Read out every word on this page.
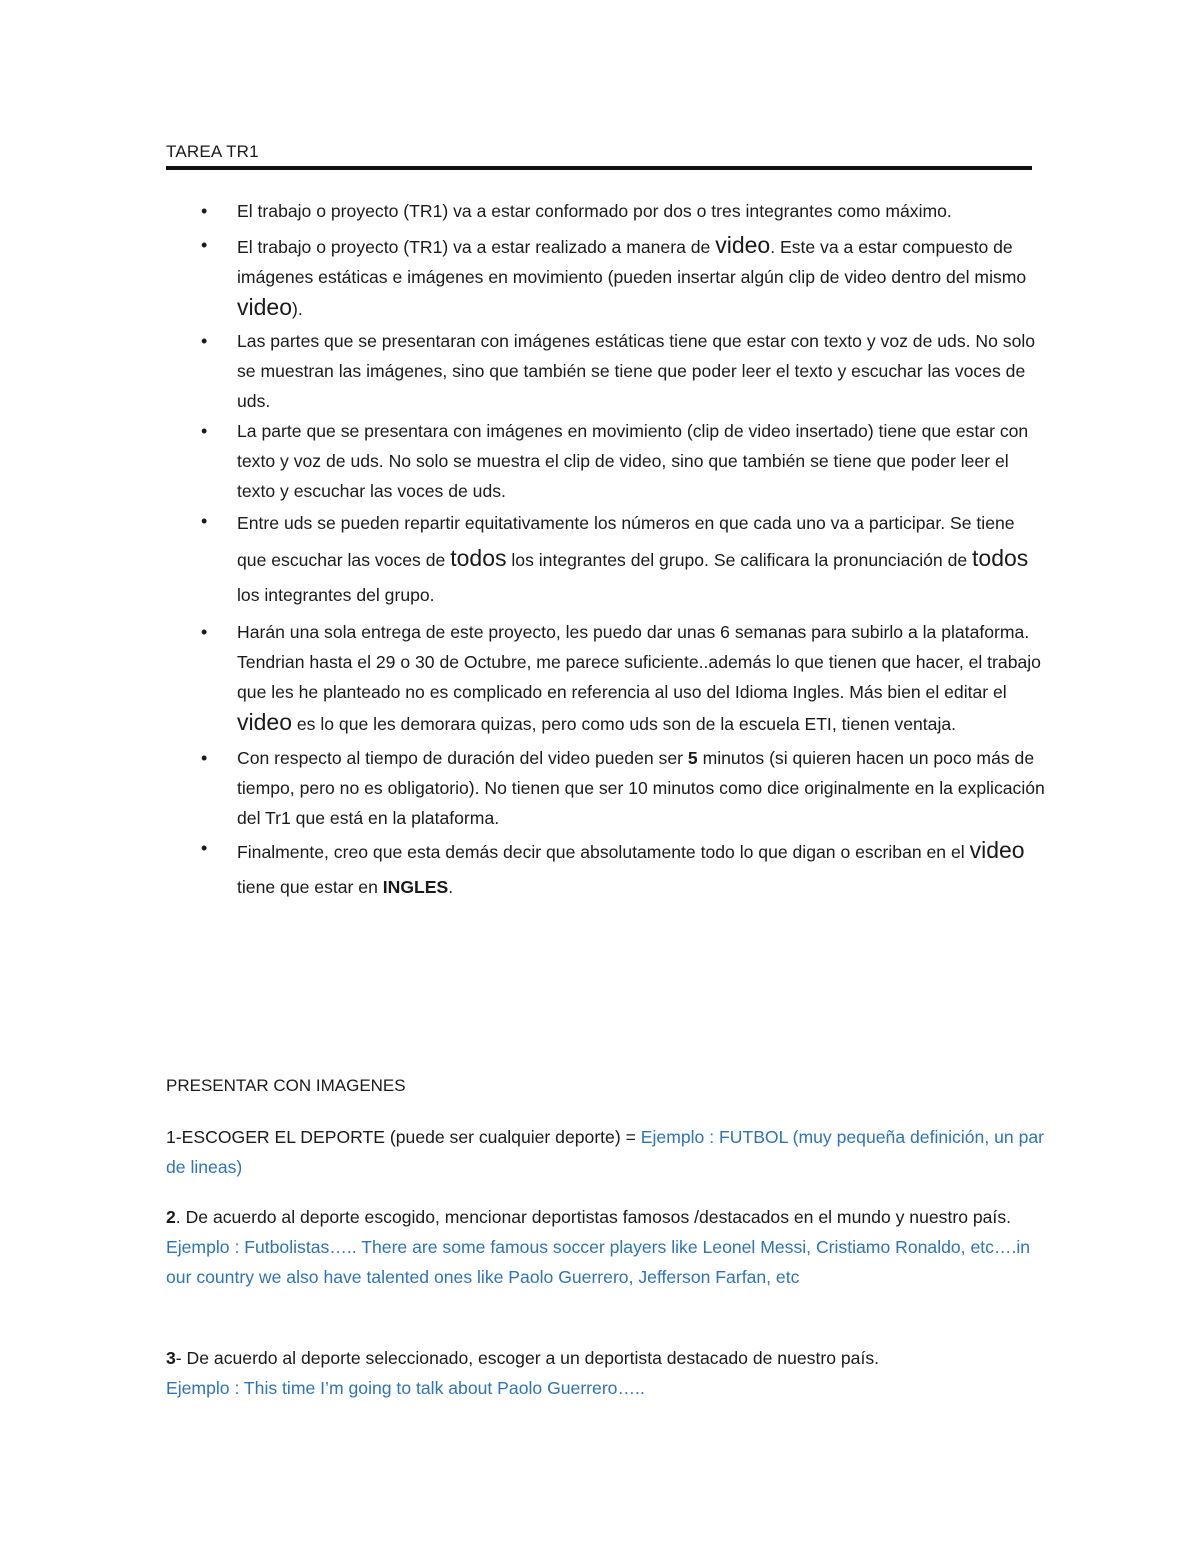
TAREA TR1

• El trabajo o proyecto (TR1) va a estar conformado por dos o tres integrantes como máximo.

• El trabajo o proyecto (TR1) va a estar realizado a manera de video. Este va a estar compuesto de imágenes estáticas e imágenes en movimiento (pueden insertar algún clip de video dentro del mismo video).

• Las partes que se presentaran con imágenes estáticas tiene que estar con texto y voz de uds. No solo se muestran las imágenes, sino que también se tiene que poder leer el texto y escuchar las voces de uds.

• La parte que se presentara con imágenes en movimiento (clip de video insertado) tiene que estar con texto y voz de uds. No solo se muestra el clip de video, sino que también se tiene que poder leer el texto y escuchar las voces de uds.

• Entre uds se pueden repartir equitativamente los números en que cada uno va a participar. Se tiene que escuchar las voces de todos los integrantes del grupo. Se calificara la pronunciación de todos los integrantes del grupo.

• Harán una sola entrega de este proyecto, les puedo dar unas 6 semanas para subirlo a la plataforma. Tendrian hasta el 29 o 30 de Octubre, me parece suficiente..además lo que tienen que hacer, el trabajo que les he planteado no es complicado en referencia al uso del Idioma Ingles. Más bien el editar el video es lo que les demorara quizas, pero como uds son de la escuela ETI, tienen ventaja.

• Con respecto al tiempo de duración del video pueden ser 5 minutos (si quieren hacen un poco más de tiempo, pero no es obligatorio). No tienen que ser 10 minutos como dice originalmente en la explicación del Tr1 que está en la plataforma.

• Finalmente, creo que esta demás decir que absolutamente todo lo que digan o escriban en el video tiene que estar en INGLES.

PRESENTAR CON IMAGENES

1-ESCOGER EL DEPORTE (puede ser cualquier deporte) = Ejemplo : FUTBOL (muy pequeña definición, un par de lineas)

2. De acuerdo al deporte escogido, mencionar deportistas famosos /destacados en el mundo y nuestro país. Ejemplo : Futbolistas….. There are some famous soccer players like Leonel Messi, Cristiamo Ronaldo, etc….in our country we also have talented ones like Paolo Guerrero, Jefferson Farfan, etc

3- De acuerdo al deporte seleccionado, escoger a un deportista destacado de nuestro país.
Ejemplo : This time I’m going to talk about Paolo Guerrero…..
